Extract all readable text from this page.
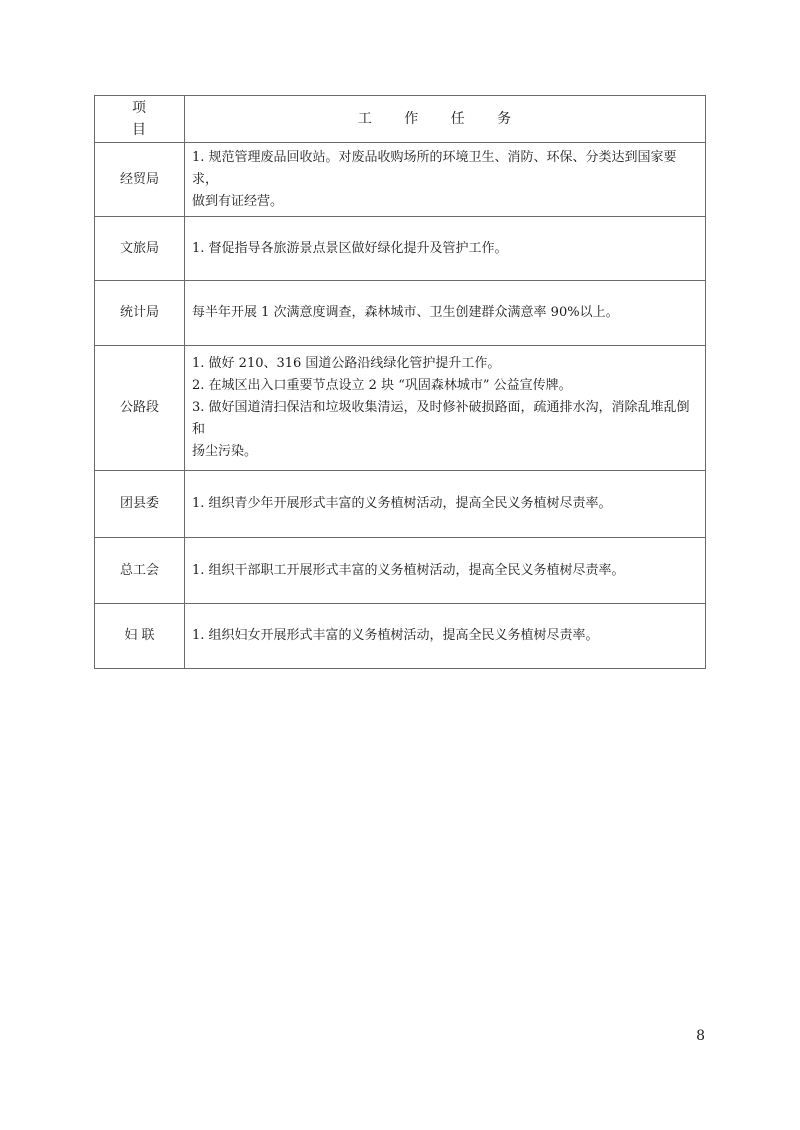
项 目	工 作 任 务
经贸局	1. 规范管理废品回收站。对废品收购场所的环境卫生、消防、环保、分类达到国家要求，
做到有证经营。

文旅局	1. 督促指导各旅游景点景区做好绿化提升及管护工作。

统计局	每半年开展 1 次满意度调查，森林城市、卫生创建群众满意率 90%以上。

公路段	1. 做好 210、316 国道公路沿线绿化管护提升工作。
2. 在城区出入口重要节点设立 2 块 “巩固森林城市” 公益宣传牌。
3. 做好国道清扫保洁和垃圾收集清运，及时修补破损路面，疏通排水沟，消除乱堆乱倒和
扬尘污染。

团县委	1. 组织青少年开展形式丰富的义务植树活动，提高全民义务植树尽责率。

总工会	1. 组织干部职工开展形式丰富的义务植树活动，提高全民义务植树尽责率。

妇 联	1. 组织妇女开展形式丰富的义务植树活动，提高全民义务植树尽责率。
8
